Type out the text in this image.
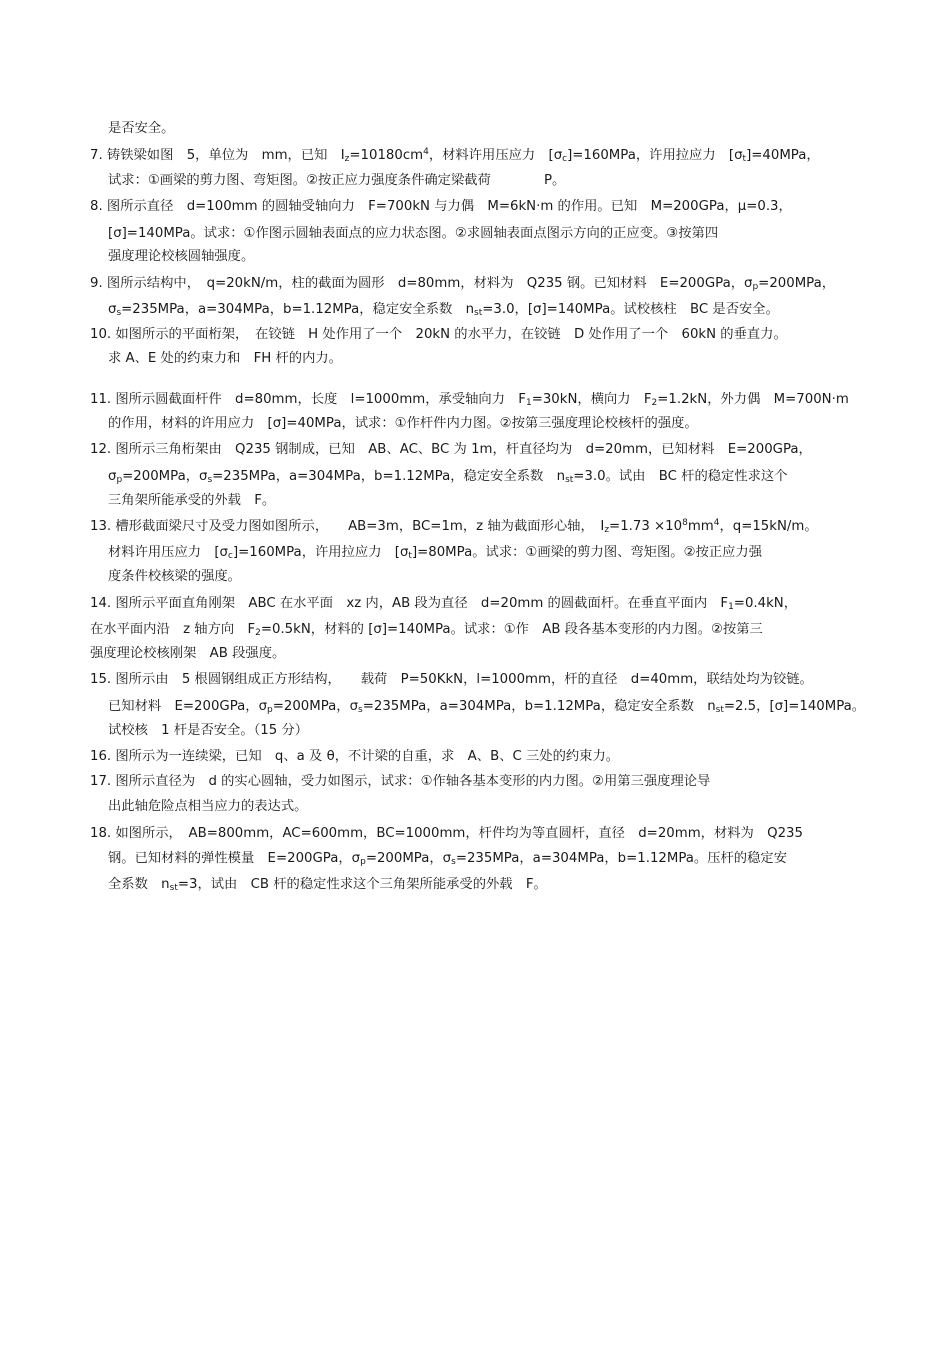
是否安全。
7. 铸铁梁如图　5，单位为　mm，已知　$I_z=10180cm^4$，材料许用压应力　$[\sigma_c]=160MPa$，许用拉应力　$[\sigma_t]=40MPa$，
试求：①画梁的剪力图、弯矩图。②按正应力强度条件确定梁截荷　　　　P。
8. 图所示直径　d=100mm 的圆轴受轴向力　F=700kN 与力偶　M=6kN·m 的作用。已知　M=200GPa，μ=0.3，
[σ]=140MPa。试求：①作图示圆轴表面点的应力状态图。②求圆轴表面点图示方向的正应变。③按第四
强度理论校核圆轴强度。
9. 图所示结构中，　q=20kN/m，柱的截面为圆形　d=80mm，材料为　Q235 钢。已知材料　E=200GPa，$\sigma_p=200MPa$，
$\sigma_s=235MPa$，a=304MPa，b=1.12MPa，稳定安全系数　$n_{st}=3.0$，[σ]=140MPa。试校核柱　BC 是否安全。
10. 如图所示的平面桁架，　在铰链　H 处作用了一个　20kN 的水平力，在铰链　D 处作用了一个　60kN 的垂直力。
求 A、E 处的约束力和　FH 杆的内力。
11. 图所示圆截面杆件　d=80mm，长度　l=1000mm，承受轴向力　$F_1=30kN$，横向力　$F_2=1.2kN$，外力偶　M=700N·m
的作用，材料的许用应力　[σ]=40MPa，试求：①作杆件内力图。②按第三强度理论校核杆的强度。
12. 图所示三角桁架由　Q235 钢制成，已知　AB、AC、BC 为 1m，杆直径均为　d=20mm，已知材料　E=200GPa，
$\sigma_p=200MPa$，$\sigma_s=235MPa$，a=304MPa，b=1.12MPa，稳定安全系数　$n_{st}=3.0$。试由　BC 杆的稳定性求这个
三角架所能承受的外载　F。
13. 槽形截面梁尺寸及受力图如图所示，　　AB=3m，BC=1m，z 轴为截面形心轴，　$I_z=1.73 \times 10^8mm^4$，q=15kN/m。
材料许用压应力　$[\sigma_c]=160MPa$，许用拉应力　$[\sigma_t]=80MPa$。试求：①画梁的剪力图、弯矩图。②按正应力强
度条件校核梁的强度。
14. 图所示平面直角刚架　ABC 在水平面　xz 内，AB 段为直径　d=20mm 的圆截面杆。在垂直平面内　$F_1=0.4kN$，
在水平面内沿　z 轴方向　$F_2=0.5kN$，材料的 [σ]=140MPa。试求：①作　AB 段各基本变形的内力图。②按第三
强度理论校核刚架　AB 段强度。
15. 图所示由　5 根圆钢组成正方形结构，　　载荷　P=50KkN，l=1000mm，杆的直径　d=40mm，联结处均为铰链。
已知材料　E=200GPa，$\sigma_p=200MPa$，$\sigma_s=235MPa$，a=304MPa，b=1.12MPa，稳定安全系数　$n_{st}=2.5$，[σ]=140MPa。
试校核　1 杆是否安全。（15 分）
16. 图所示为一连续梁，已知　q、a 及 θ，不计梁的自重，求　A、B、C 三处的约束力。
17. 图所示直径为　d 的实心圆轴，受力如图示，试求：①作轴各基本变形的内力图。②用第三强度理论导
出此轴危险点相当应力的表达式。
18. 如图所示，　AB=800mm，AC=600mm，BC=1000mm，杆件均为等直圆杆，直径　d=20mm，材料为　Q235
钢。已知材料的弹性模量　E=200GPa，$\sigma_p=200MPa$，$\sigma_s=235MPa$，a=304MPa，b=1.12MPa。压杆的稳定安
全系数　$n_{st}=3$，试由　CB 杆的稳定性求这个三角架所能承受的外载　F。
